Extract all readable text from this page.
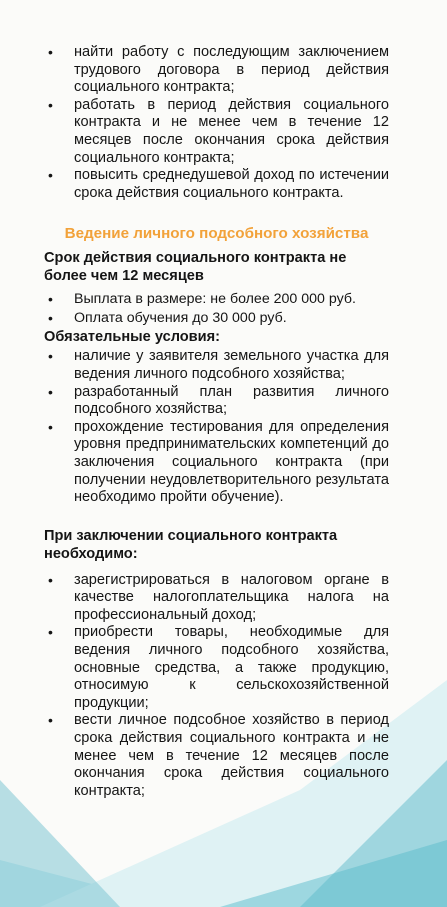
• найти работу с последующим заключением трудового договора в период действия социального контракта;
• работать в период действия социального контракта и не менее чем в течение 12 месяцев после окончания срока действия социального контракта;
• повысить среднедушевой доход по истечении срока действия социального контракта.
Ведение личного подсобного хозяйства
Срок действия социального контракта не более чем 12 месяцев
• Выплата в размере: не более 200 000 руб.
• Оплата обучения до 30 000 руб.
Обязательные условия:
• наличие у заявителя земельного участка для ведения личного подсобного хозяйства;
• разработанный план развития личного подсобного хозяйства;
• прохождение тестирования для определения уровня предпринимательских компетенций до заключения социального контракта (при получении неудовлетворительного результата необходимо пройти обучение).
При заключении социального контракта необходимо:
• зарегистрироваться в налоговом органе в качестве налогоплательщика налога на профессиональный доход;
• приобрести товары, необходимые для ведения личного подсобного хозяйства, основные средства, а также продукцию, относимую к сельскохозяйственной продукции;
• вести личное подсобное хозяйство в период срока действия социального контракта и не менее чем в течение 12 месяцев после окончания срока действия социального контракта;
